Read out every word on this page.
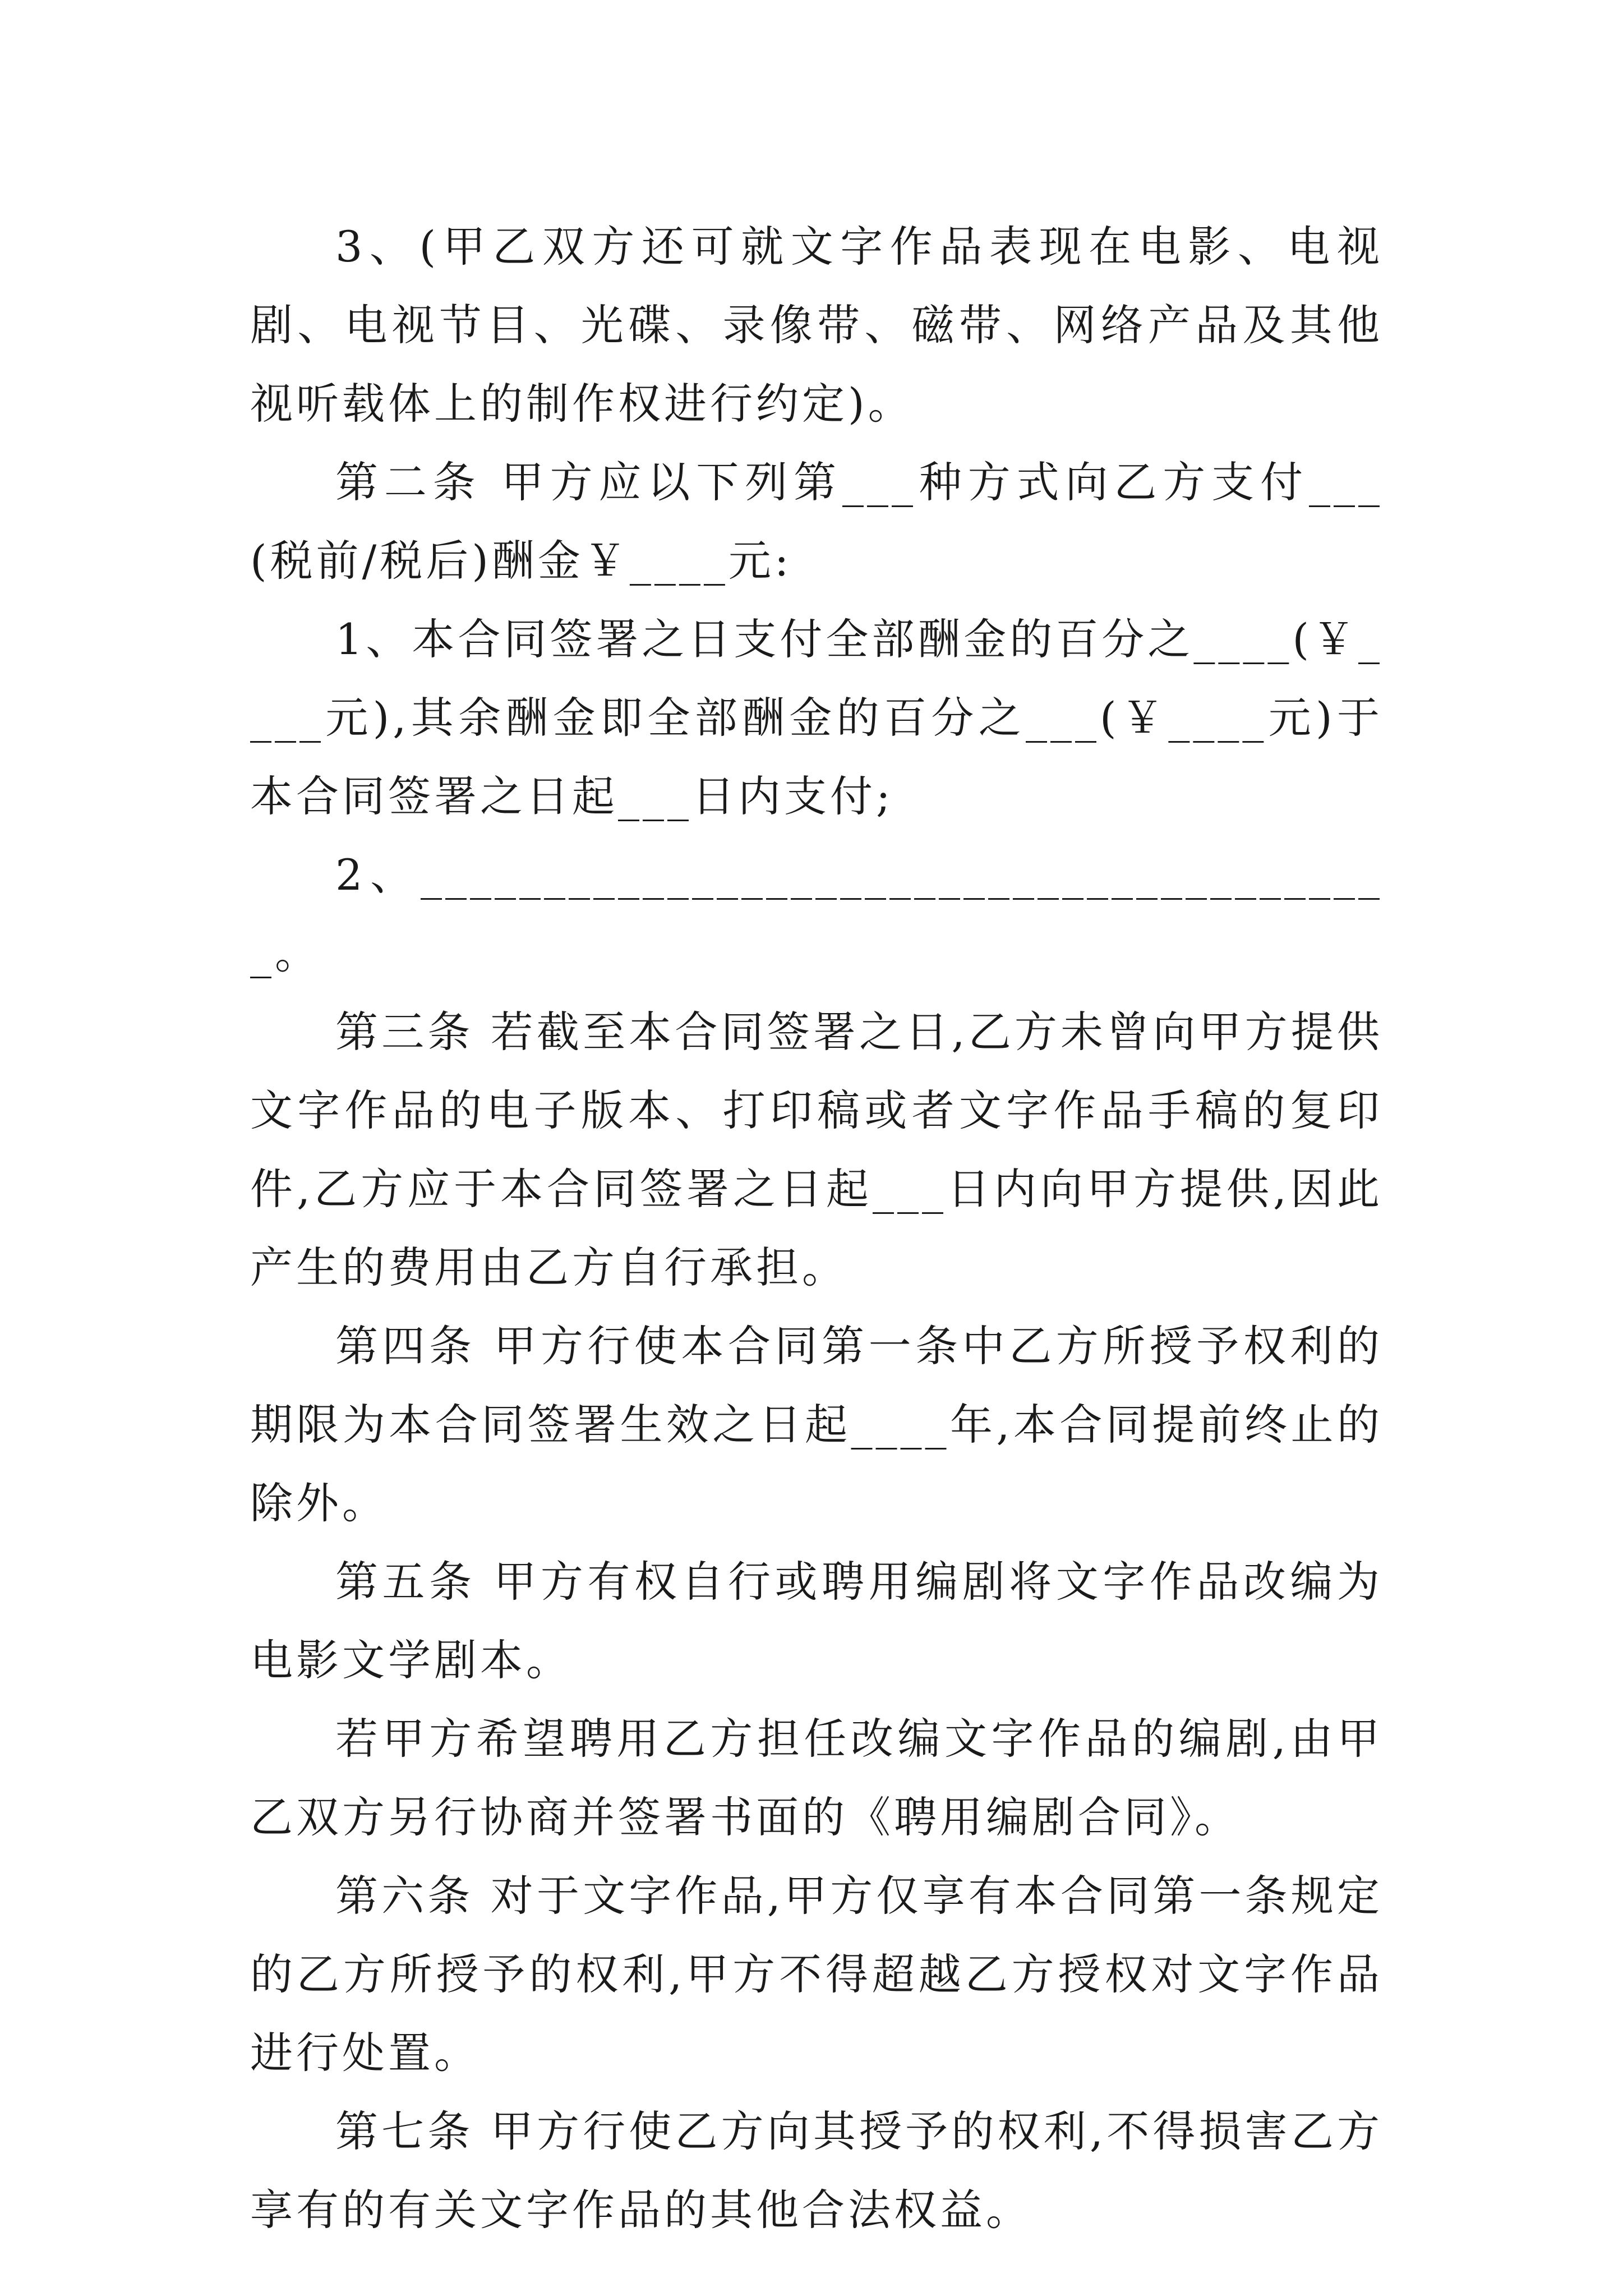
3、(甲乙双方还可就文字作品表现在电影、电视剧、电视节目、光碟、录像带、磁带、网络产品及其他视听载体上的制作权进行约定)。

第二条 甲方应以下列第___种方式向乙方支付___(税前/税后)酬金￥____元:

1、本合同签署之日支付全部酬金的百分之____(￥____元),其余酬金即全部酬金的百分之___(￥____元)于本合同签署之日起___日内支付;

2、________________________________________。

第三条 若截至本合同签署之日,乙方未曾向甲方提供文字作品的电子版本、打印稿或者文字作品手稿的复印件,乙方应于本合同签署之日起___日内向甲方提供,因此产生的费用由乙方自行承担。

第四条 甲方行使本合同第一条中乙方所授予权利的期限为本合同签署生效之日起____年,本合同提前终止的除外。

第五条 甲方有权自行或聘用编剧将文字作品改编为电影文学剧本。

若甲方希望聘用乙方担任改编文字作品的编剧,由甲乙双方另行协商并签署书面的《聘用编剧合同》。

第六条 对于文字作品,甲方仅享有本合同第一条规定的乙方所授予的权利,甲方不得超越乙方授权对文字作品进行处置。

第七条 甲方行使乙方向其授予的权利,不得损害乙方享有的有关文字作品的其他合法权益。
